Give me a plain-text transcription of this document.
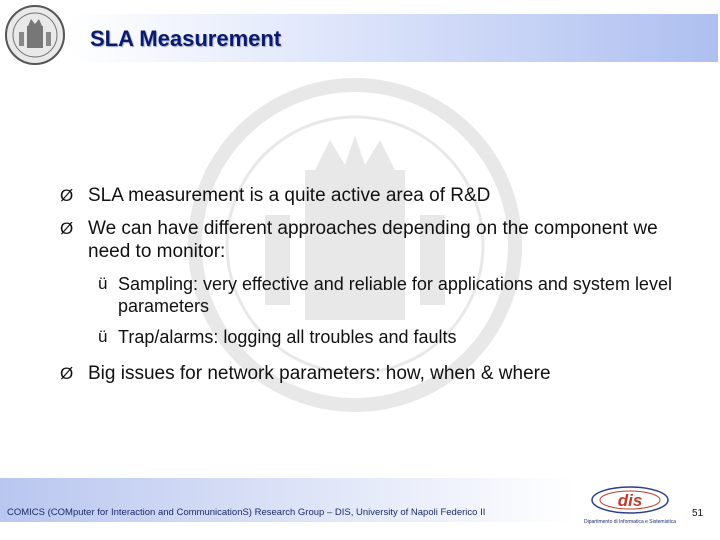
SLA Measurement
Ø SLA measurement is a quite active area of R&D
Ø We can have different approaches depending on the component we need to monitor:
ü Sampling: very effective and reliable for applications and system level parameters
ü Trap/alarms: logging all troubles and faults
Ø Big issues for network parameters: how, when & where
COMICS (COMputer for Interaction and CommunicationS) Research Group – DIS, University of Napoli Federico II
dis
Dipartimento di Informatica e Sistemistica
51
